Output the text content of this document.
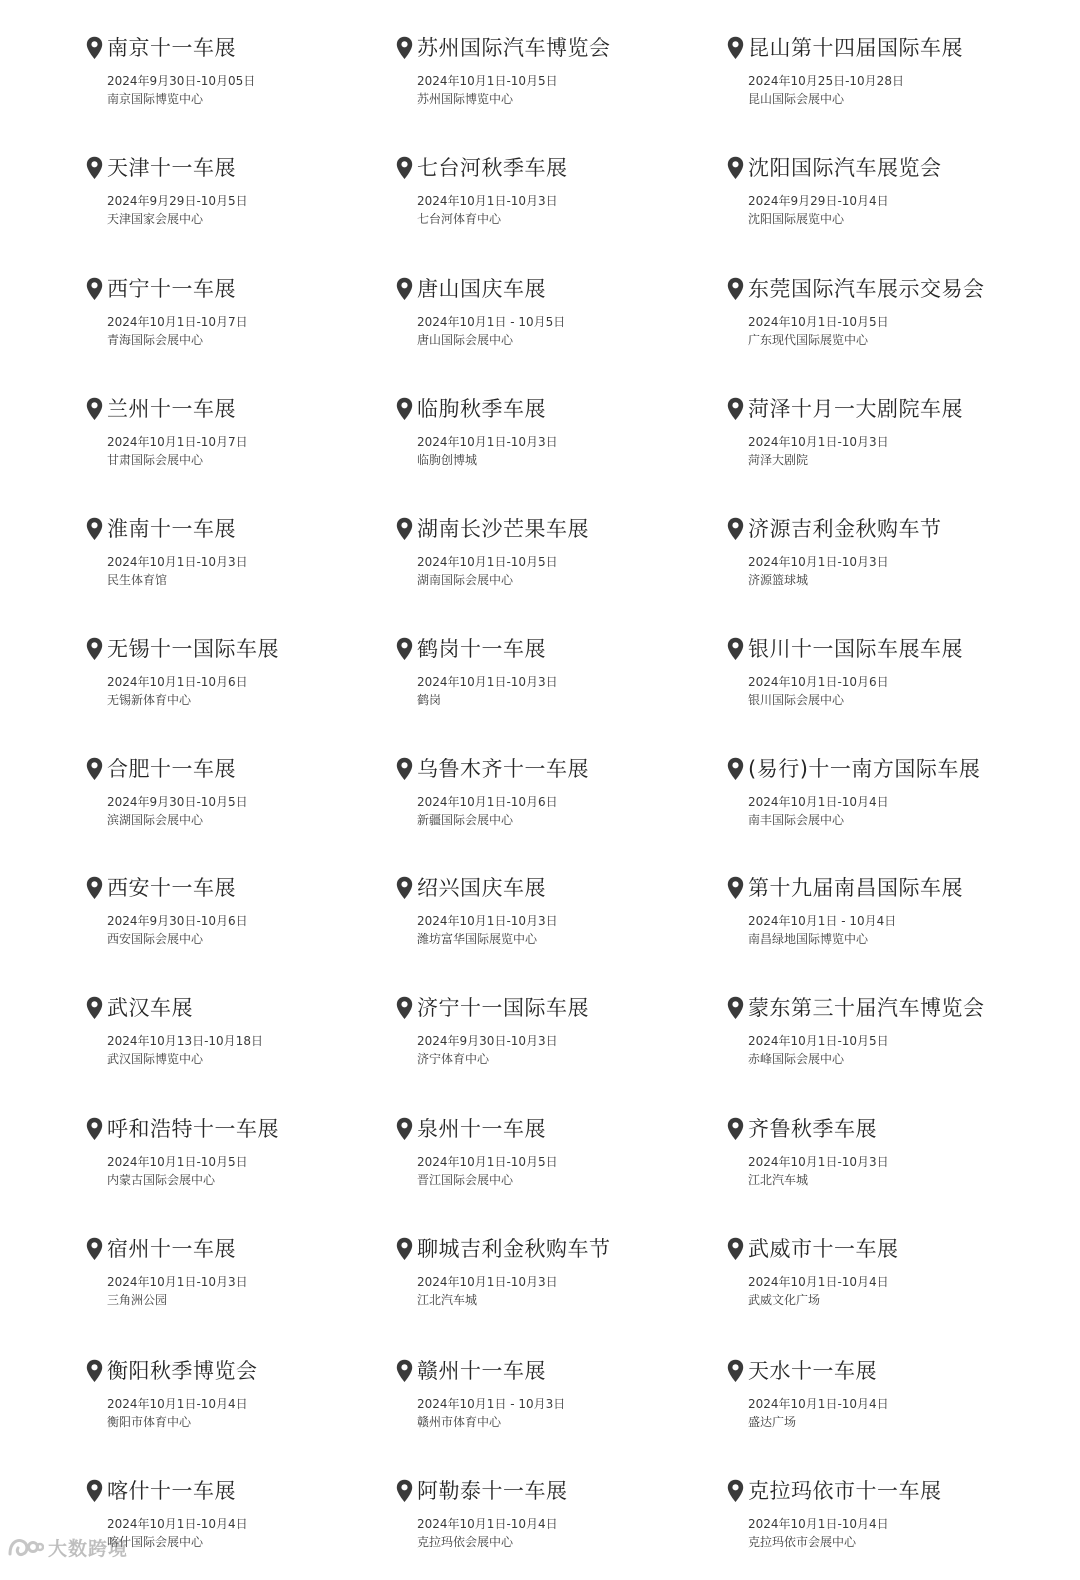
南京十一车展
2024年9月30日-10月05日
南京国际博览中心
苏州国际汽车博览会
2024年10月1日-10月5日
苏州国际博览中心
昆山第十四届国际车展
2024年10月25日-10月28日
昆山国际会展中心
天津十一车展
2024年9月29日-10月5日
天津国家会展中心
七台河秋季车展
2024年10月1日-10月3日
七台河体育中心
沈阳国际汽车展览会
2024年9月29日-10月4日
沈阳国际展览中心
西宁十一车展
2024年10月1日-10月7日
青海国际会展中心
唐山国庆车展
2024年10月1日 - 10月5日
唐山国际会展中心
东莞国际汽车展示交易会
2024年10月1日-10月5日
广东现代国际展览中心
兰州十一车展
2024年10月1日-10月7日
甘肃国际会展中心
临朐秋季车展
2024年10月1日-10月3日
临朐创博城
菏泽十月一大剧院车展
2024年10月1日-10月3日
菏泽大剧院
淮南十一车展
2024年10月1日-10月3日
民生体育馆
湖南长沙芒果车展
2024年10月1日-10月5日
湖南国际会展中心
济源吉利金秋购车节
2024年10月1日-10月3日
济源篮球城
无锡十一国际车展
2024年10月1日-10月6日
无锡新体育中心
鹤岗十一车展
2024年10月1日-10月3日
鹤岗
银川十一国际车展车展
2024年10月1日-10月6日
银川国际会展中心
合肥十一车展
2024年9月30日-10月5日
滨湖国际会展中心
乌鲁木齐十一车展
2024年10月1日-10月6日
新疆国际会展中心
(易行)十一南方国际车展
2024年10月1日-10月4日
南丰国际会展中心
西安十一车展
2024年9月30日-10月6日
西安国际会展中心
绍兴国庆车展
2024年10月1日-10月3日
潍坊富华国际展览中心
第十九届南昌国际车展
2024年10月1日 - 10月4日
南昌绿地国际博览中心
武汉车展
2024年10月13日-10月18日
武汉国际博览中心
济宁十一国际车展
2024年9月30日-10月3日
济宁体育中心
蒙东第三十届汽车博览会
2024年10月1日-10月5日
赤峰国际会展中心
呼和浩特十一车展
2024年10月1日-10月5日
内蒙古国际会展中心
泉州十一车展
2024年10月1日-10月5日
晋江国际会展中心
齐鲁秋季车展
2024年10月1日-10月3日
江北汽车城
宿州十一车展
2024年10月1日-10月3日
三角洲公园
聊城吉利金秋购车节
2024年10月1日-10月3日
江北汽车城
武威市十一车展
2024年10月1日-10月4日
武威文化广场
衡阳秋季博览会
2024年10月1日-10月4日
衡阳市体育中心
赣州十一车展
2024年10月1日 - 10月3日
赣州市体育中心
天水十一车展
2024年10月1日-10月4日
盛达广场
喀什十一车展
2024年10月1日-10月4日
喀什国际会展中心
阿勒泰十一车展
2024年10月1日-10月4日
克拉玛依会展中心
克拉玛依市十一车展
2024年10月1日-10月4日
克拉玛依市会展中心
大数跨境
